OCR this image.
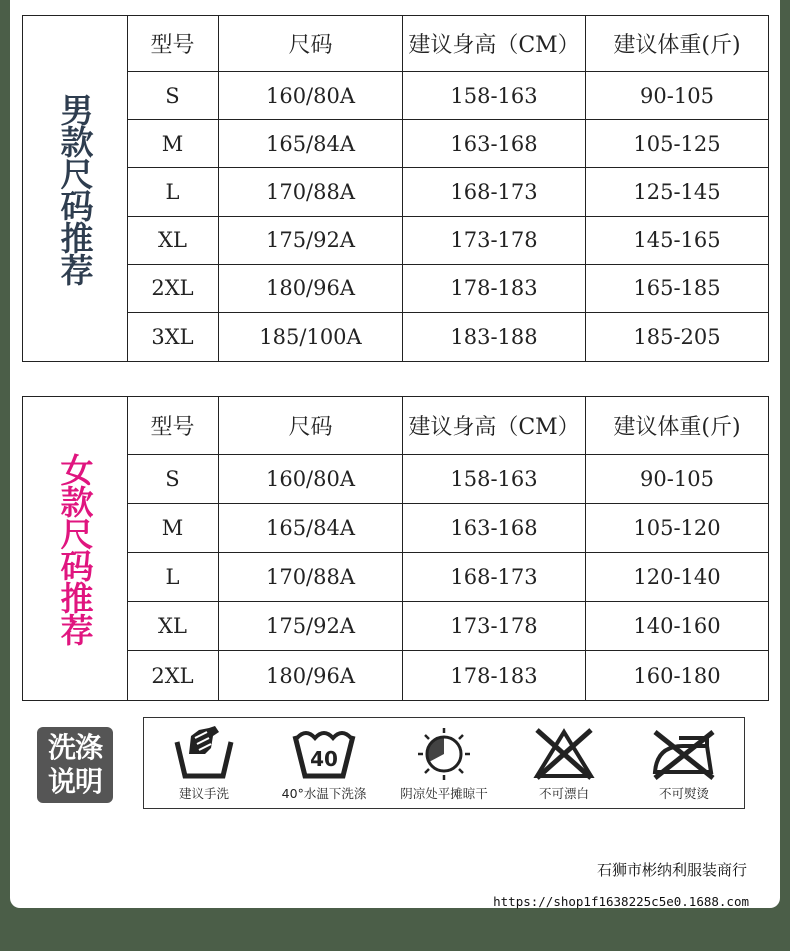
男款尺码推荐
型号	尺码	建议身高（CM）	建议体重(斤)
S	160/80A	158-163	90-105
M	165/84A	163-168	105-125
L	170/88A	168-173	125-145
XL	175/92A	173-178	145-165
2XL	180/96A	178-183	165-185
3XL	185/100A	183-188	185-205
女款尺码推荐
型号	尺码	建议身高（CM）	建议体重(斤)
S	160/80A	158-163	90-105
M	165/84A	163-168	105-120
L	170/88A	168-173	120-140
XL	175/92A	173-178	140-160
2XL	180/96A	178-183	160-180
洗涤
说明	建议手洗
40
40°水温下洗涤	阴凉处平摊晾干	不可漂白	不可熨烫
石狮市彬纳利服装商行
https://shop1f1638225c5e0.1688.com
